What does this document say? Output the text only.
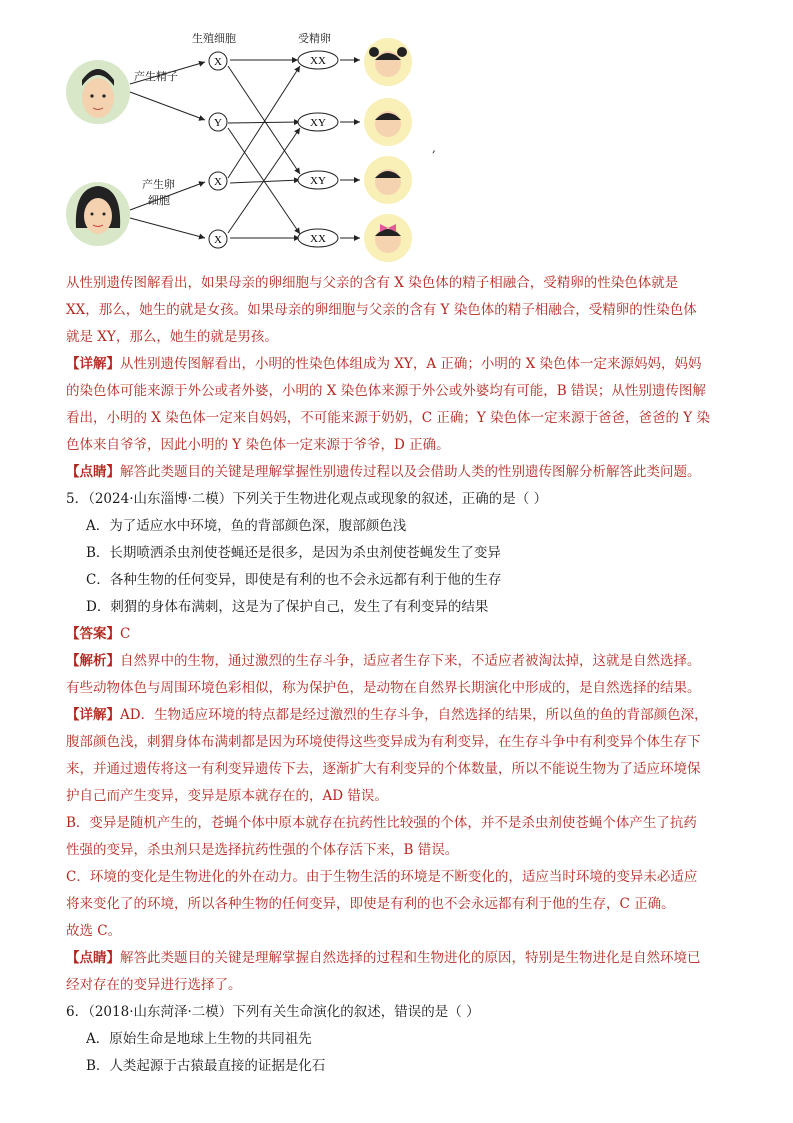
生殖细胞	受精卵
产生精子
产生卵
细胞
X
Y
X
X
XX
XY
XY
XX
,

从性别遗传图解看出，如果母亲的卵细胞与父亲的含有 X 染色体的精子相融合，受精卵的性染色体就是

XX，那么，她生的就是女孩。如果母亲的卵细胞与父亲的含有 Y 染色体的精子相融合，受精卵的性染色体

就是 XY，那么，她生的就是男孩。

【详解】从性别遗传图解看出，小明的性染色体组成为 XY，A 正确；小明的 X 染色体一定来源妈妈，妈妈

的染色体可能来源于外公或者外婆，小明的 X 染色体来源于外公或外婆均有可能，B 错误；从性别遗传图解

看出，小明的 X 染色体一定来自妈妈，不可能来源于奶奶，C 正确；Y 染色体一定来源于爸爸，爸爸的 Y 染

色体来自爷爷，因此小明的 Y 染色体一定来源于爷爷，D 正确。

【点睛】解答此类题目的关键是理解掌握性别遗传过程以及会借助人类的性别遗传图解分析解答此类问题。

5．（2024·山东淄博·二模）下列关于生物进化观点或现象的叙述，正确的是（ ）

A．为了适应水中环境，鱼的背部颜色深，腹部颜色浅

B．长期喷洒杀虫剂使苍蝇还是很多，是因为杀虫剂使苍蝇发生了变异

C．各种生物的任何变异，即使是有利的也不会永远都有利于他的生存

D．刺猬的身体布满刺，这是为了保护自己，发生了有利变异的结果

【答案】C

【解析】自然界中的生物，通过激烈的生存斗争，适应者生存下来，不适应者被淘汰掉，这就是自然选择。

有些动物体色与周围环境色彩相似，称为保护色，是动物在自然界长期演化中形成的，是自然选择的结果。

【详解】AD．生物适应环境的特点都是经过激烈的生存斗争，自然选择的结果，所以鱼的鱼的背部颜色深，

腹部颜色浅，刺猬身体布满刺都是因为环境使得这些变异成为有利变异，在生存斗争中有利变异个体生存下

来，并通过遗传将这一有利变异遗传下去，逐渐扩大有利变异的个体数量，所以不能说生物为了适应环境保

护自己而产生变异，变异是原本就存在的，AD 错误。

B．变异是随机产生的，苍蝇个体中原本就存在抗药性比较强的个体，并不是杀虫剂使苍蝇个体产生了抗药

性强的变异，杀虫剂只是选择抗药性强的个体存活下来，B 错误。

C．环境的变化是生物进化的外在动力。由于生物生活的环境是不断变化的，适应当时环境的变异未必适应

将来变化了的环境，所以各种生物的任何变异，即使是有利的也不会永远都有利于他的生存，C 正确。

故选 C。

【点睛】解答此类题目的关键是理解掌握自然选择的过程和生物进化的原因，特别是生物进化是自然环境已

经对存在的变异进行选择了。

6．（2018·山东菏泽·二模）下列有关生命演化的叙述，错误的是（ ）

A．原始生命是地球上生物的共同祖先

B．人类起源于古猿最直接的证据是化石
